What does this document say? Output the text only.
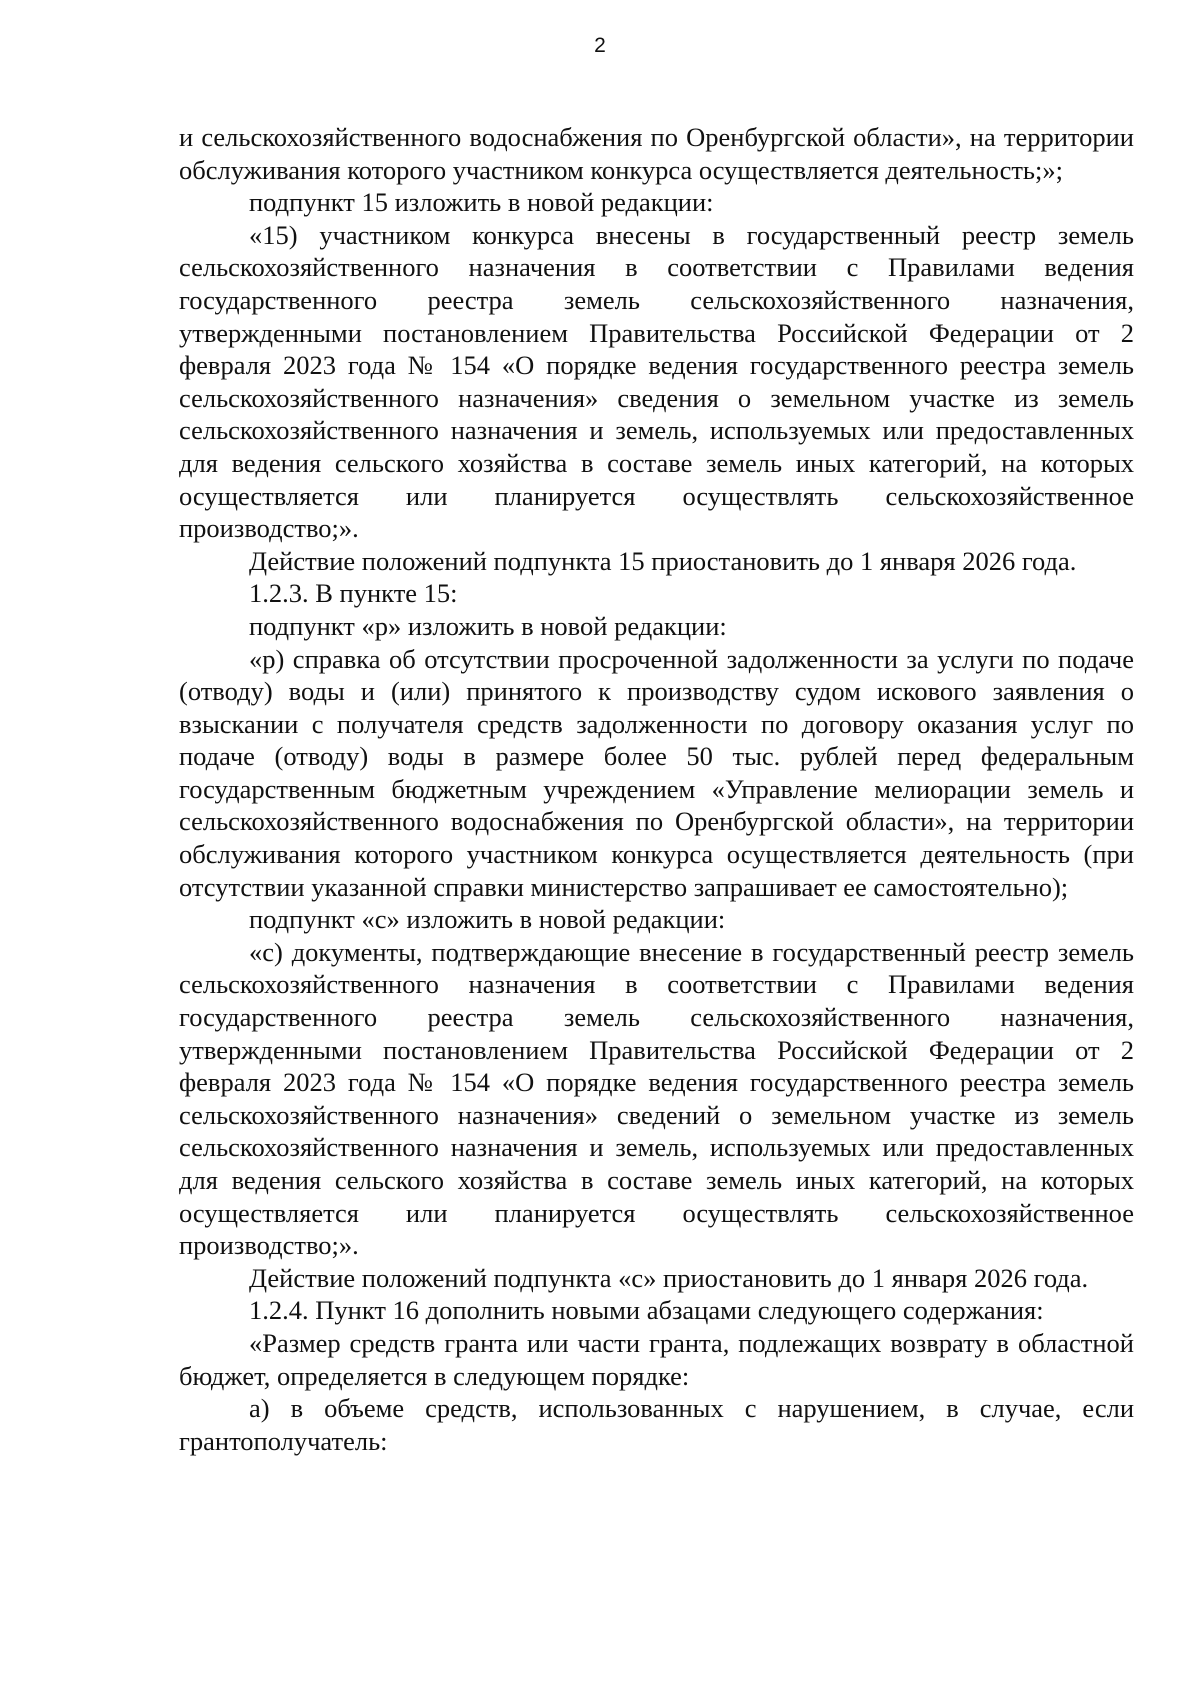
2

и сельскохозяйственного водоснабжения по Оренбургской области», на территории обслуживания которого участником конкурса осуществляется деятельность;»;

подпункт 15 изложить в новой редакции:

«15) участником конкурса внесены в государственный реестр земель сельскохозяйственного назначения в соответствии с Правилами ведения государственного реестра земель сельскохозяйственного назначения, утвержденными постановлением Правительства Российской Федерации от 2 февраля 2023 года № 154 «О порядке ведения государственного реестра земель сельскохозяйственного назначения» сведения о земельном участке из земель сельскохозяйственного назначения и земель, используемых или предоставленных для ведения сельского хозяйства в составе земель иных категорий, на которых осуществляется или планируется осуществлять сельскохозяйственное производство;».

Действие положений подпункта 15 приостановить до 1 января 2026 года.

1.2.3. В пункте 15:

подпункт «р» изложить в новой редакции:

«р) справка об отсутствии просроченной задолженности за услуги по подаче (отводу) воды и (или) принятого к производству судом искового заявления о взыскании с получателя средств задолженности по договору оказания услуг по подаче (отводу) воды в размере более 50 тыс. рублей перед федеральным государственным бюджетным учреждением «Управление мелиорации земель и сельскохозяйственного водоснабжения по Оренбургской области», на территории обслуживания которого участником конкурса осуществляется деятельность (при отсутствии указанной справки министерство запрашивает ее самостоятельно);

подпункт «с» изложить в новой редакции:

«с) документы, подтверждающие внесение в государственный реестр земель сельскохозяйственного назначения в соответствии с Правилами ведения государственного реестра земель сельскохозяйственного назначения, утвержденными постановлением Правительства Российской Федерации от 2 февраля 2023 года № 154 «О порядке ведения государственного реестра земель сельскохозяйственного назначения» сведений о земельном участке из земель сельскохозяйственного назначения и земель, используемых или предоставленных для ведения сельского хозяйства в составе земель иных категорий, на которых осуществляется или планируется осуществлять сельскохозяйственное производство;».

Действие положений подпункта «с» приостановить до 1 января 2026 года.

1.2.4. Пункт 16 дополнить новыми абзацами следующего содержания:

«Размер средств гранта или части гранта, подлежащих возврату в областной бюджет, определяется в следующем порядке:

а) в объеме средств, использованных с нарушением, в случае, если грантополучатель:
